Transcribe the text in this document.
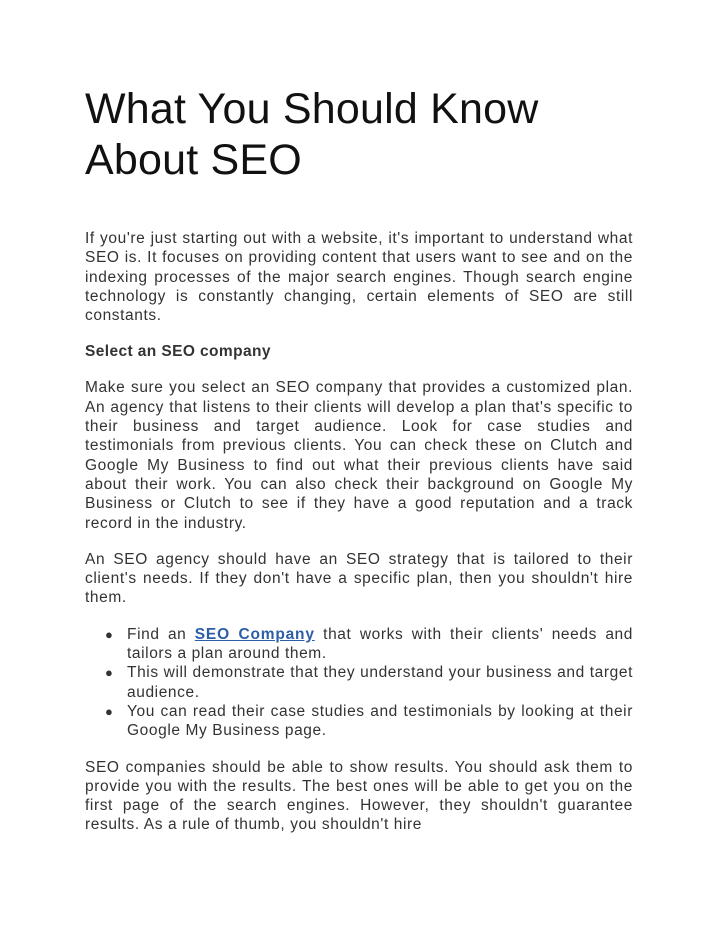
What You Should Know
About SEO

If you're just starting out with a website, it's important to understand what SEO is. It focuses on providing content that users want to see and on the indexing processes of the major search engines. Though search engine technology is constantly changing, certain elements of SEO are still constants.

Select an SEO company

Make sure you select an SEO company that provides a customized plan. An agency that listens to their clients will develop a plan that's specific to their business and target audience. Look for case studies and testimonials from previous clients. You can check these on Clutch and Google My Business to find out what their previous clients have said about their work. You can also check their background on Google My Business or Clutch to see if they have a good reputation and a track record in the industry.

An SEO agency should have an SEO strategy that is tailored to their client's needs. If they don't have a specific plan, then you shouldn't hire them.

● Find an SEO Company that works with their clients' needs and tailors a plan around them.
● This will demonstrate that they understand your business and target audience.
● You can read their case studies and testimonials by looking at their Google My Business page.

SEO companies should be able to show results. You should ask them to provide you with the results. The best ones will be able to get you on the first page of the search engines. However, they shouldn't guarantee results. As a rule of thumb, you shouldn't hire
